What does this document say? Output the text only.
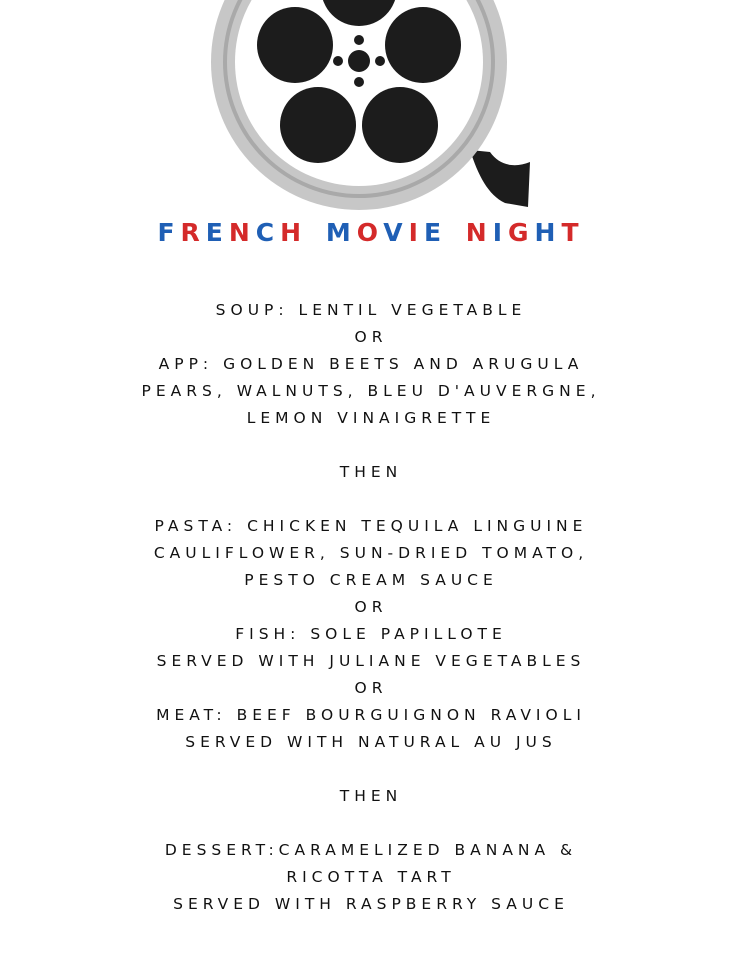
FRENCH MOVIE NIGHT
SOUP: LENTIL VEGETABLE
OR
APP: GOLDEN BEETS AND ARUGULA
PEARS, WALNUTS, BLEU D'AUVERGNE,
LEMON VINAIGRETTE
THEN
PASTA: CHICKEN TEQUILA LINGUINE
CAULIFLOWER, SUN-DRIED TOMATO,
PESTO CREAM SAUCE
OR
FISH: SOLE PAPILLOTE
SERVED WITH JULIANE VEGETABLES
OR
MEAT: BEEF BOURGUIGNON RAVIOLI
SERVED WITH NATURAL AU JUS
THEN
DESSERT:CARAMELIZED BANANA &
RICOTTA TART
SERVED WITH RASPBERRY SAUCE
